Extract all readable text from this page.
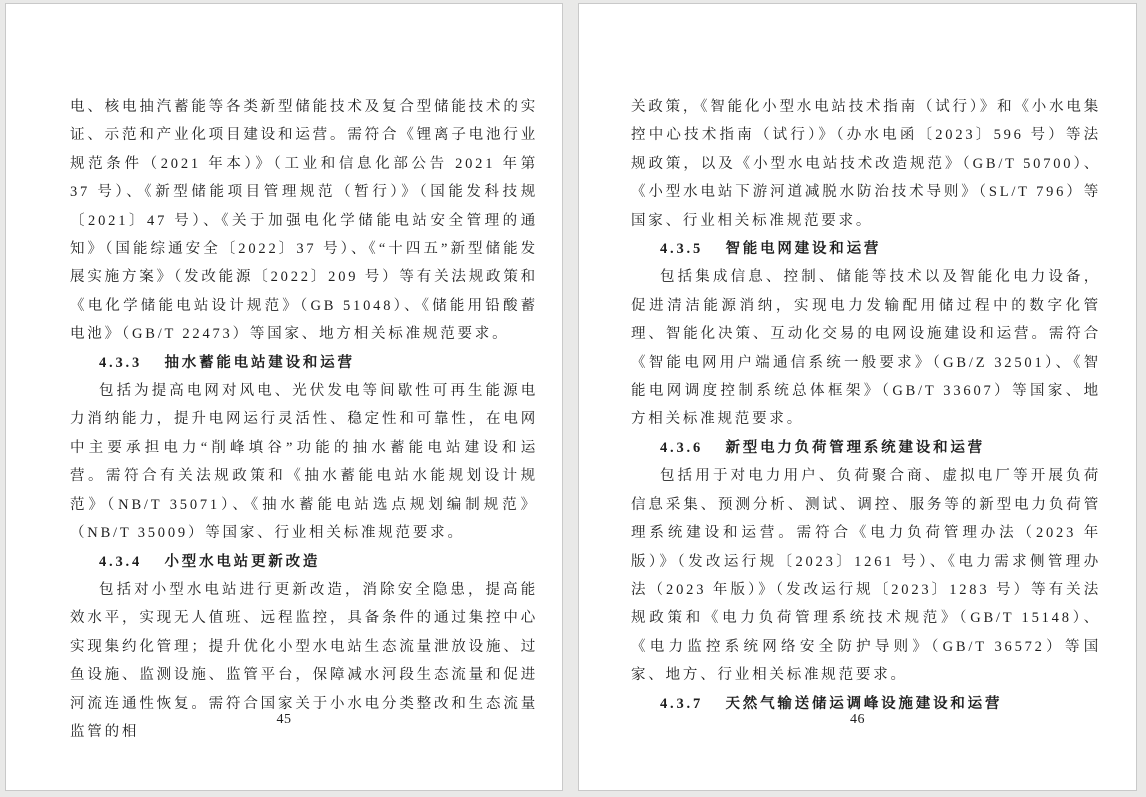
电、核电抽汽蓄能等各类新型储能技术及复合型储能技术的实证、示范和产业化项目建设和运营。需符合《锂离子电池行业规范条件（2021 年本）》（工业和信息化部公告 2021 年第 37 号）、《新型储能项目管理规范（暂行）》（国能发科技规〔2021〕47 号）、《关于加强电化学储能电站安全管理的通知》（国能综通安全〔2022〕37 号）、《“十四五”新型储能发展实施方案》（发改能源〔2022〕209 号）等有关法规政策和《电化学储能电站设计规范》（GB 51048）、《储能用铅酸蓄电池》（GB/T 22473）等国家、地方相关标准规范要求。

4.3.3 抽水蓄能电站建设和运营

包括为提高电网对风电、光伏发电等间歇性可再生能源电力消纳能力，提升电网运行灵活性、稳定性和可靠性，在电网中主要承担电力“削峰填谷”功能的抽水蓄能电站建设和运营。需符合有关法规政策和《抽水蓄能电站水能规划设计规范》（NB/T 35071）、《抽水蓄能电站选点规划编制规范》（NB/T 35009）等国家、行业相关标准规范要求。

4.3.4 小型水电站更新改造

包括对小型水电站进行更新改造，消除安全隐患，提高能效水平，实现无人值班、远程监控，具备条件的通过集控中心实现集约化管理；提升优化小型水电站生态流量泄放设施、过鱼设施、监测设施、监管平台，保障减水河段生态流量和促进河流连通性恢复。需符合国家关于小水电分类整改和生态流量监管的相

45

关政策，《智能化小型水电站技术指南（试行）》和《小水电集控中心技术指南（试行）》（办水电函〔2023〕596 号）等法规政策，以及《小型水电站技术改造规范》（GB/T 50700）、《小型水电站下游河道减脱水防治技术导则》（SL/T 796）等国家、行业相关标准规范要求。

4.3.5 智能电网建设和运营

包括集成信息、控制、储能等技术以及智能化电力设备，促进清洁能源消纳，实现电力发输配用储过程中的数字化管理、智能化决策、互动化交易的电网设施建设和运营。需符合《智能电网用户端通信系统一般要求》（GB/Z 32501）、《智能电网调度控制系统总体框架》（GB/T 33607）等国家、地方相关标准规范要求。

4.3.6 新型电力负荷管理系统建设和运营

包括用于对电力用户、负荷聚合商、虚拟电厂等开展负荷信息采集、预测分析、测试、调控、服务等的新型电力负荷管理系统建设和运营。需符合《电力负荷管理办法（2023 年版）》（发改运行规〔2023〕1261 号）、《电力需求侧管理办法（2023 年版）》（发改运行规〔2023〕1283 号）等有关法规政策和《电力负荷管理系统技术规范》（GB/T 15148）、《电力监控系统网络安全防护导则》（GB/T 36572）等国家、地方、行业相关标准规范要求。

4.3.7 天然气输送储运调峰设施建设和运营

46
